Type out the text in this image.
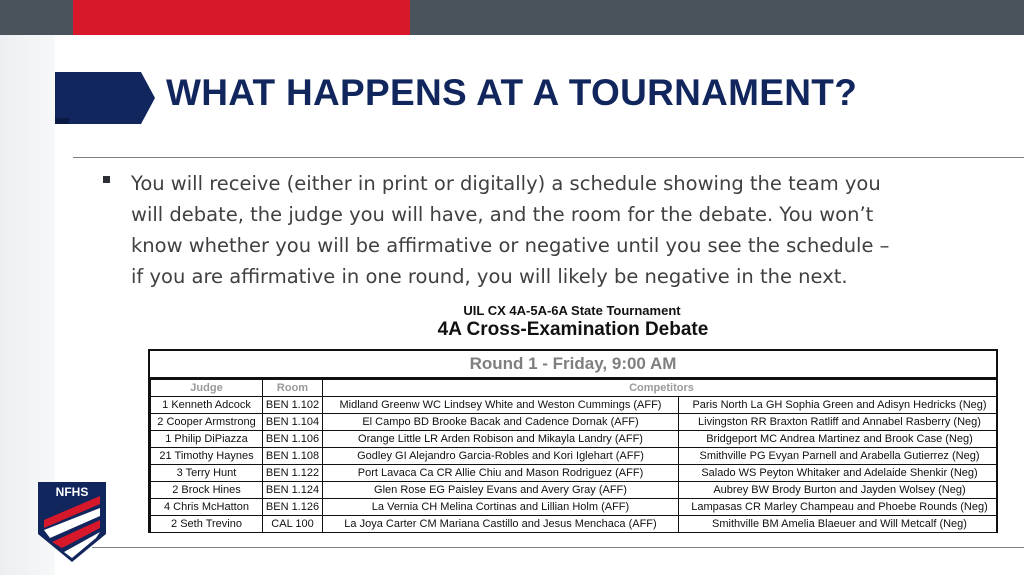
WHAT HAPPENS AT A TOURNAMENT?
You will receive (either in print or digitally) a schedule showing the team you
will debate, the judge you will have, and the room for the debate. You won’t
know whether you will be affirmative or negative until you see the schedule –
if you are affirmative in one round, you will likely be negative in the next.
UIL CX 4A-5A-6A State Tournament
4A Cross-Examination Debate
Round 1 - Friday, 9:00 AM
Judge	Room	Competitors	
1 Kenneth Adcock	BEN 1.102	Midland Greenw WC Lindsey White and Weston Cummings (AFF)	Paris North La GH Sophia Green and Adisyn Hedricks (Neg)
2 Cooper Armstrong	BEN 1.104	El Campo BD Brooke Bacak and Cadence Dornak (AFF)	Livingston RR Braxton Ratliff and Annabel Rasberry (Neg)
1 Philip DiPiazza	BEN 1.106	Orange Little LR Arden Robison and Mikayla Landry (AFF)	Bridgeport MC Andrea Martinez and Brook Case (Neg)
21 Timothy Haynes	BEN 1.108	Godley GI Alejandro Garcia-Robles and Kori Iglehart (AFF)	Smithville PG Evyan Parnell and Arabella Gutierrez (Neg)
3 Terry Hunt	BEN 1.122	Port Lavaca Ca CR Allie Chiu and Mason Rodriguez (AFF)	Salado WS Peyton Whitaker and Adelaide Shenkir (Neg)
2 Brock Hines	BEN 1.124	Glen Rose EG Paisley Evans and Avery Gray (AFF)	Aubrey BW Brody Burton and Jayden Wolsey (Neg)
4 Chris McHatton	BEN 1.126	La Vernia CH Melina Cortinas and Lillian Holm (AFF)	Lampasas CR Marley Champeau and Phoebe Rounds (Neg)
2 Seth Trevino	CAL 100	La Joya Carter CM Mariana Castillo and Jesus Menchaca (AFF)	Smithville BM Amelia Blaeuer and Will Metcalf (Neg)
NFHS
